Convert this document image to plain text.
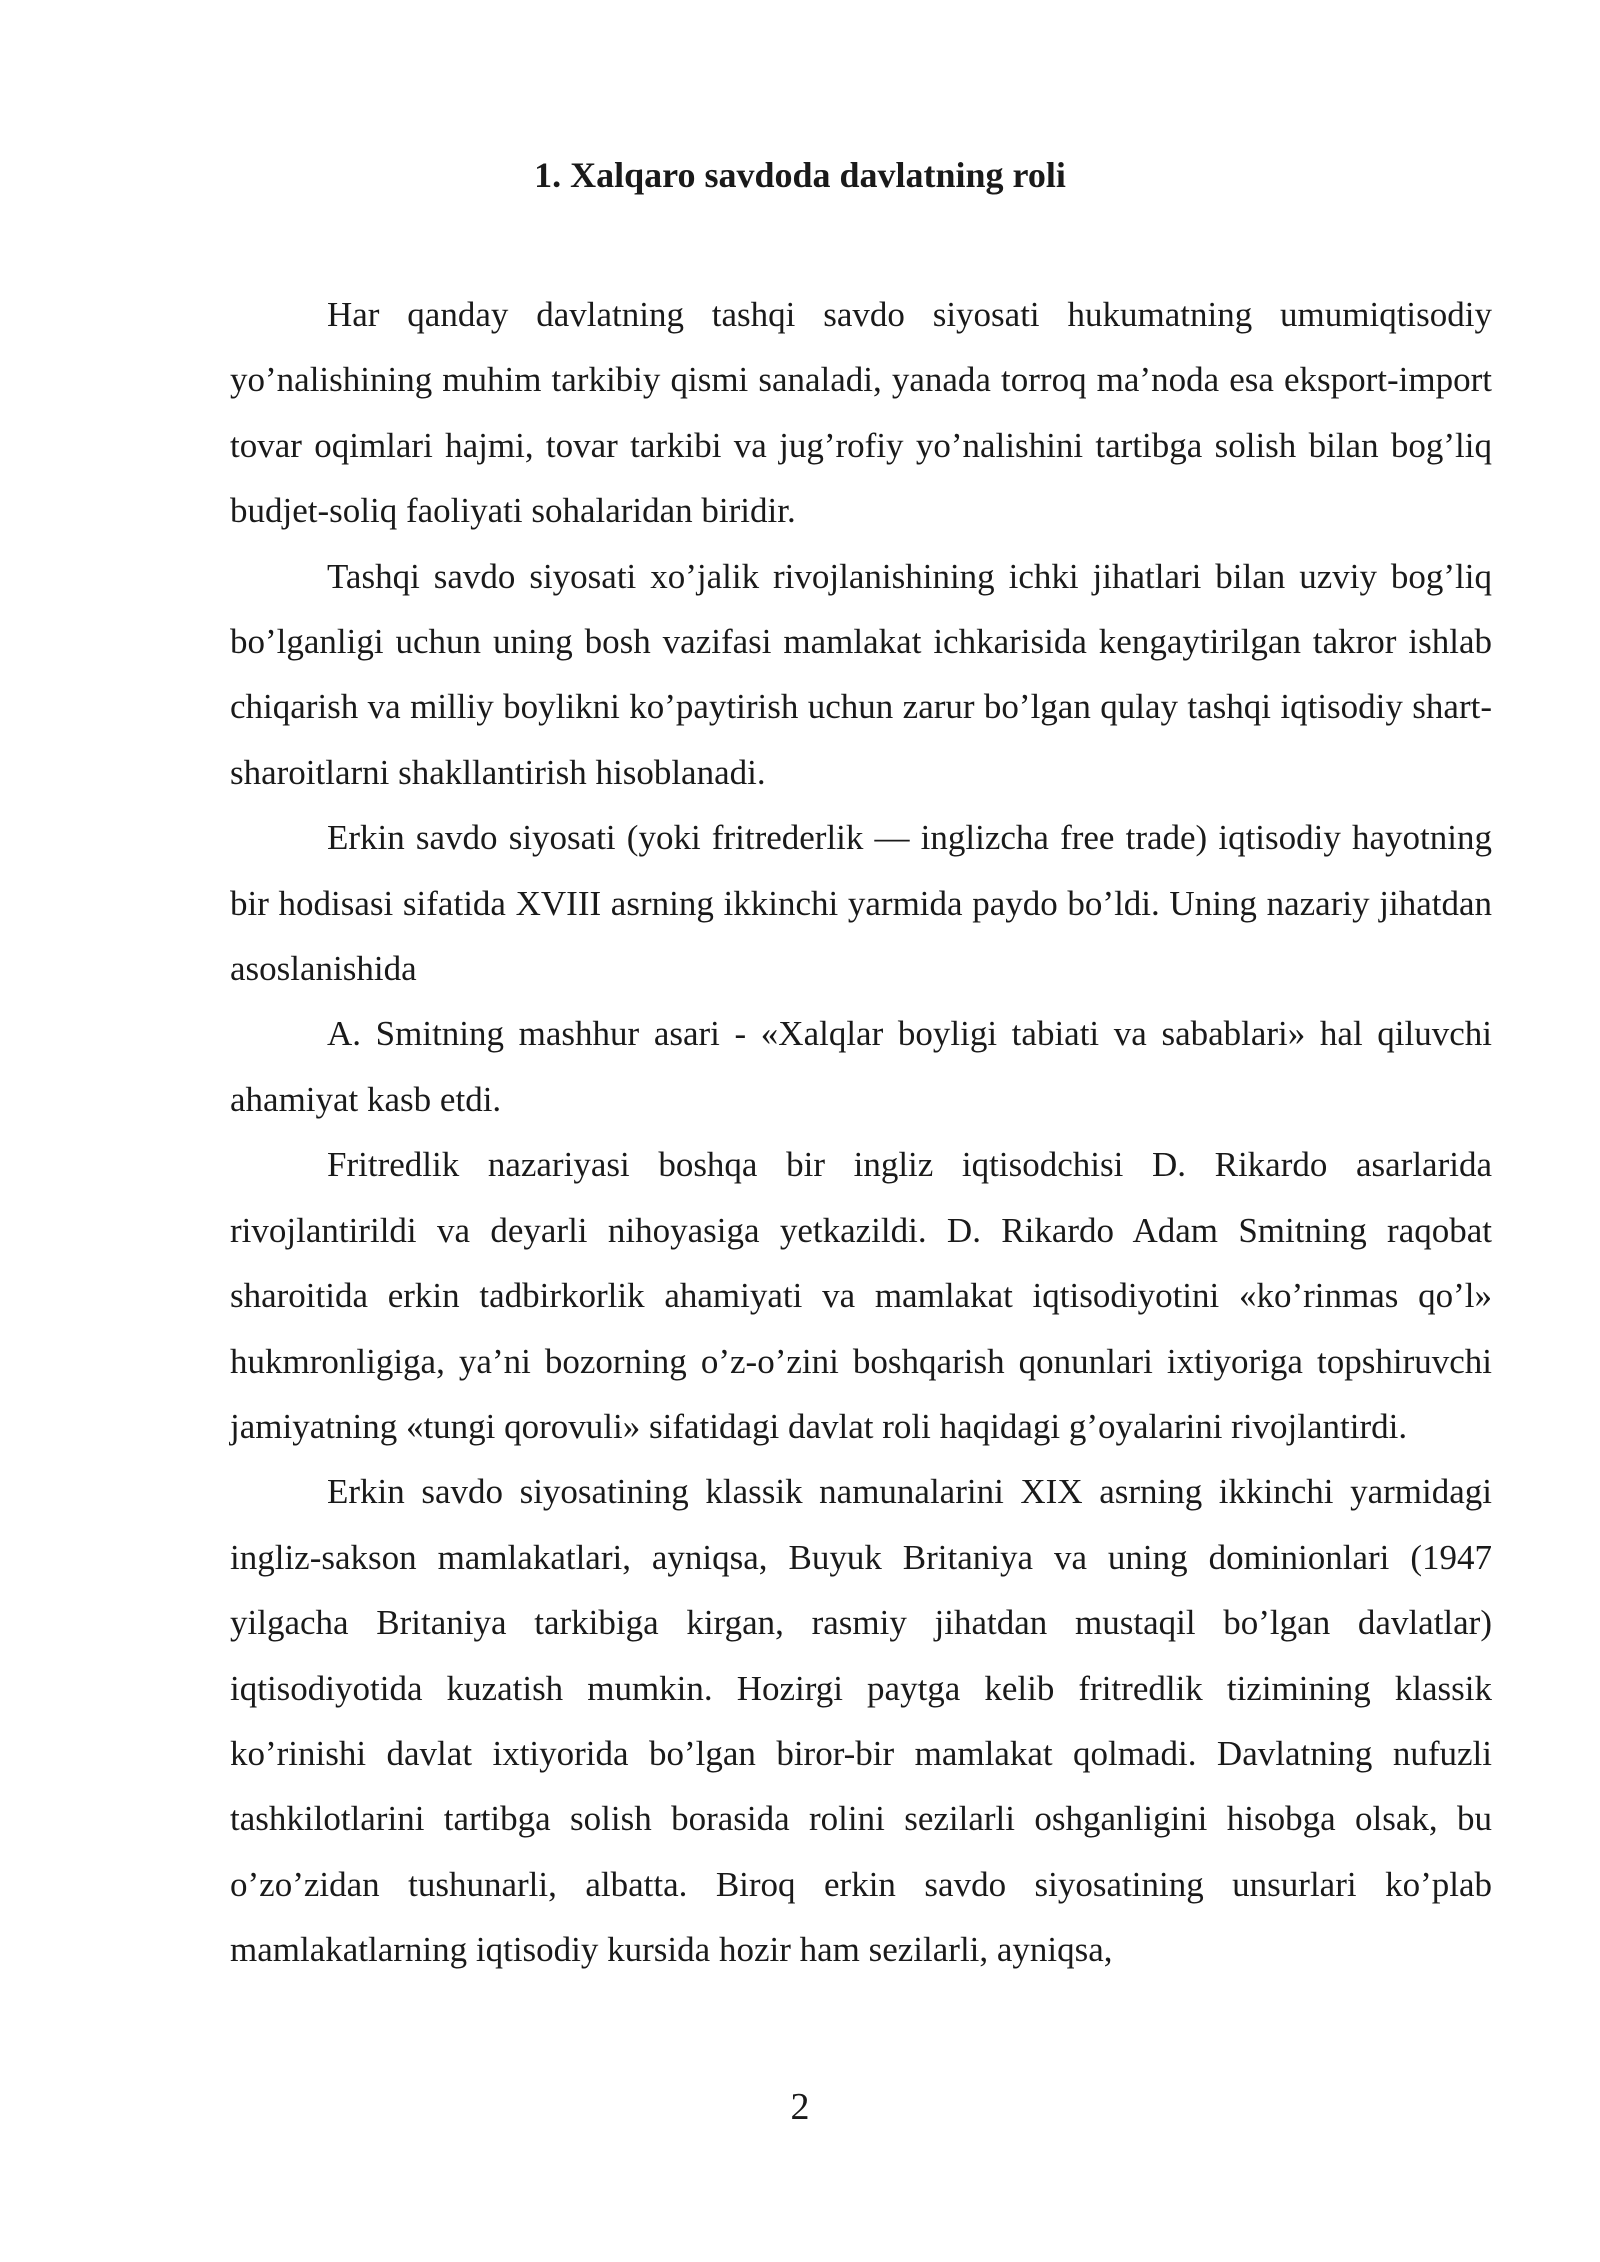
1. Xalqaro savdoda davlatning roli

Har qanday davlatning tashqi savdo siyosati hukumatning umumiqtisodiy yo’nalishining muhim tarkibiy qismi sanaladi, yanada torroq ma’noda esa eksport-import tovar oqimlari hajmi, tovar tarkibi va jug’rofiy yo’nalishini tartibga solish bilan bog’liq budjet-soliq faoliyati sohalaridan biridir.

Tashqi savdo siyosati xo’jalik rivojlanishining ichki jihatlari bilan uzviy bog’liq bo’lganligi uchun uning bosh vazifasi mamlakat ichkarisida kengaytirilgan takror ishlab chiqarish va milliy boylikni ko’paytirish uchun zarur bo’lgan qulay tashqi iqtisodiy shart-sharoitlarni shakllantirish hisoblanadi.

Erkin savdo siyosati (yoki fritrederlik — inglizcha free trade) iqtisodiy hayotning bir hodisasi sifatida XVIII asrning ikkinchi yarmida paydo bo’ldi. Uning nazariy jihatdan asoslanishida

A. Smitning mashhur asari - «Xalqlar boyligi tabiati va sabablari» hal qiluvchi ahamiyat kasb etdi.

Fritredlik nazariyasi boshqa bir ingliz iqtisodchisi D. Rikardo asarlarida rivojlantirildi va deyarli nihoyasiga yetkazildi. D. Rikardo Adam Smitning raqobat sharoitida erkin tadbirkorlik ahamiyati va mamlakat iqtisodiyotini «ko’rinmas qo’l» hukmronligiga, ya’ni bozorning o’z-o’zini boshqarish qonunlari ixtiyoriga topshiruvchi jamiyatning «tungi qorovuli» sifatidagi davlat roli haqidagi g’oyalarini rivojlantirdi.

Erkin savdo siyosatining klassik namunalarini XIX asrning ikkinchi yarmidagi ingliz-sakson mamlakatlari, ayniqsa, Buyuk Britaniya va uning dominionlari (1947 yilgacha Britaniya tarkibiga kirgan, rasmiy jihatdan mustaqil bo’lgan davlatlar) iqtisodiyotida kuzatish mumkin. Hozirgi paytga kelib fritredlik tizimining klassik ko’rinishi davlat ixtiyorida bo’lgan biror-bir mamlakat qolmadi. Davlatning nufuzli tashkilotlarini tartibga solish borasida rolini sezilarli oshganligini hisobga olsak, bu o’zo’zidan tushunarli, albatta. Biroq erkin savdo siyosatining unsurlari ko’plab mamlakatlarning iqtisodiy kursida hozir ham sezilarli, ayniqsa,

2
